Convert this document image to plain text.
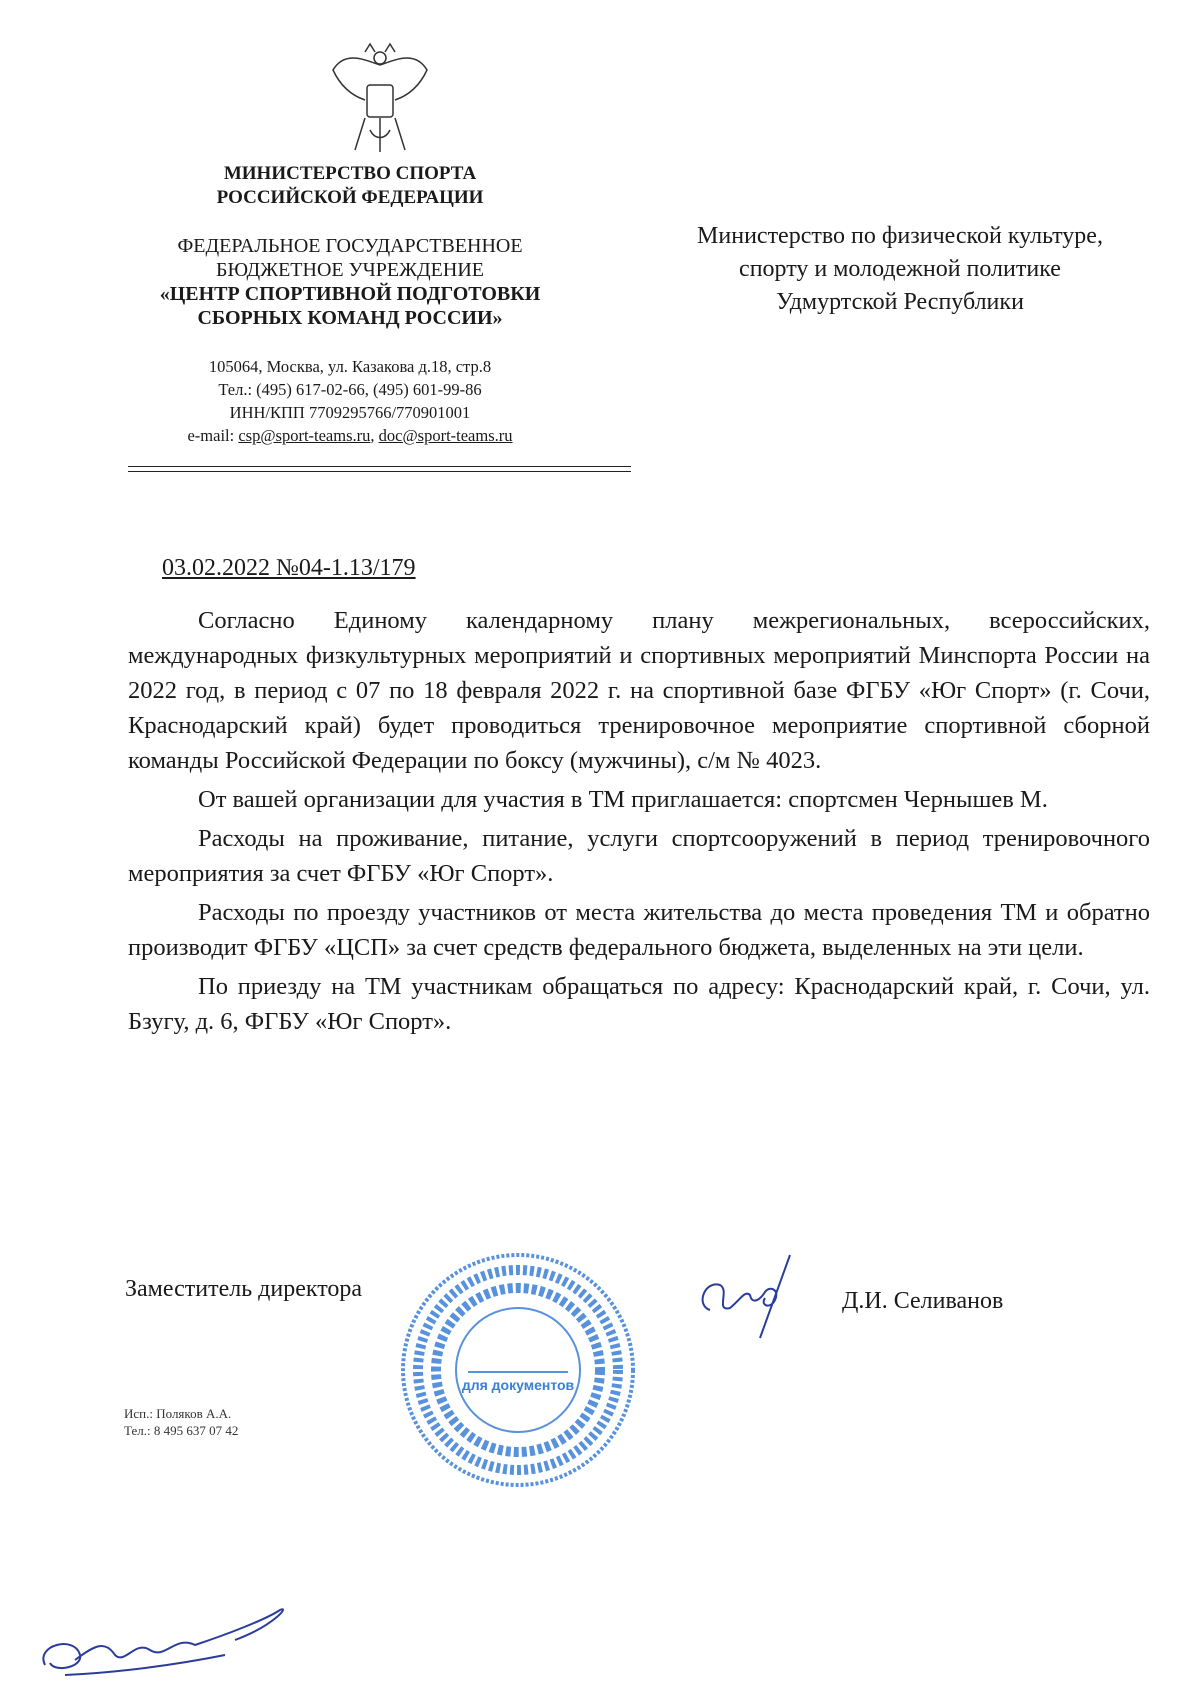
МИНИСТЕРСТВО СПОРТА
РОССИЙСКОЙ ФЕДЕРАЦИИ
ФЕДЕРАЛЬНОЕ ГОСУДАРСТВЕННОЕ
БЮДЖЕТНОЕ УЧРЕЖДЕНИЕ
«ЦЕНТР СПОРТИВНОЙ ПОДГОТОВКИ
СБОРНЫХ КОМАНД РОССИИ»
105064, Москва, ул. Казакова д.18, стр.8
Тел.: (495) 617-02-66, (495) 601-99-86
ИНН/КПП 7709295766/770901001
e-mail: csp@sport-teams.ru, doc@sport-teams.ru
Министерство по физической культуре,
спорту и молодежной политике
Удмуртской Республики
03.02.2022 №04-1.13/179

Согласно Единому календарному плану межрегиональных, всероссийских, международных физкультурных мероприятий и спортивных мероприятий Минспорта России на 2022 год, в период с 07 по 18 февраля 2022 г. на спортивной базе ФГБУ «Юг Спорт» (г. Сочи, Краснодарский край) будет проводиться тренировочное мероприятие спортивной сборной команды Российской Федерации по боксу (мужчины), с/м № 4023.

От вашей организации для участия в ТМ приглашается: спортсмен Чернышев М.

Расходы на проживание, питание, услуги спортсооружений в период тренировочного мероприятия за счет ФГБУ «Юг Спорт».

Расходы по проезду участников от места жительства до места проведения ТМ и обратно производит ФГБУ «ЦСП» за счет средств федерального бюджета, выделенных на эти цели.

По приезду на ТМ участникам обращаться по адресу: Краснодарский край, г. Сочи, ул. Бзугу, д. 6, ФГБУ «Юг Спорт».

Заместитель директора
для документов
Д.И. Селиванов
Исп.: Поляков А.А.
Тел.: 8 495 637 07 42
